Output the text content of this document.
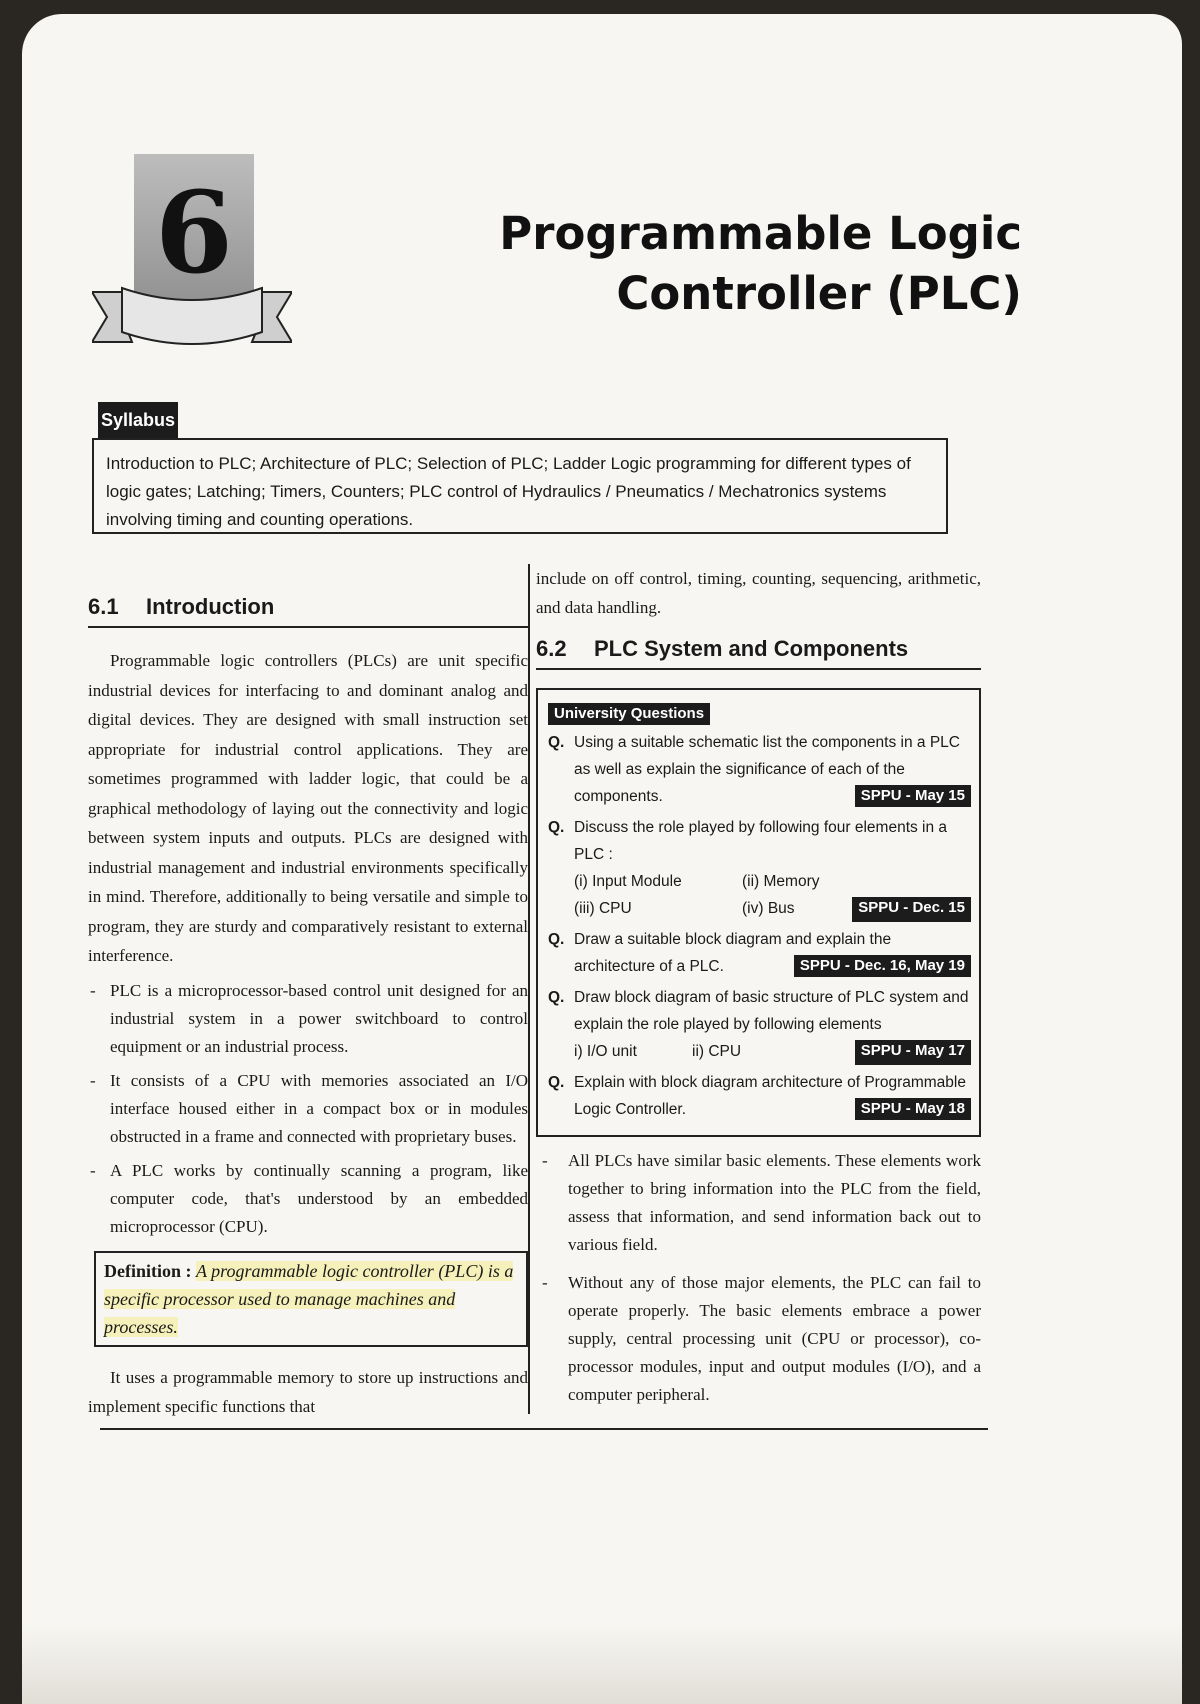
6	Programmable Logic
Controller (PLC)
Syllabus
Introduction to PLC; Architecture of PLC; Selection of PLC; Ladder Logic programming for different types of logic gates; Latching; Timers, Counters; PLC control of Hydraulics / Pneumatics / Mechatronics systems involving timing and counting operations.
6.1 Introduction

Programmable logic controllers (PLCs) are unit specific industrial devices for interfacing to and dominant analog and digital devices. They are designed with small instruction set appropriate for industrial control applications. They are sometimes programmed with ladder logic, that could be a graphical methodology of laying out the connectivity and logic between system inputs and outputs. PLCs are designed with industrial management and industrial environments specifically in mind. Therefore, additionally to being versatile and simple to program, they are sturdy and comparatively resistant to external interference.

- PLC is a microprocessor-based control unit designed for an industrial system in a power switchboard to control equipment or an industrial process.
- It consists of a CPU with memories associated an I/O interface housed either in a compact box or in modules obstructed in a frame and connected with proprietary buses.
- A PLC works by continually scanning a program, like computer code, that's understood by an embedded microprocessor (CPU).
Definition : A programmable logic controller (PLC) is a specific processor used to manage machines and processes.

It uses a programmable memory to store up instructions and implement specific functions that

include on off control, timing, counting, sequencing, arithmetic, and data handling.

6.2 PLC System and Components
University Questions
Q. Using a suitable schematic list the components in a PLC as well as explain the significance of each of the components.	SPPU - May 15
Q. Discuss the role played by following four elements in a PLC :
(i) Input Module	(ii) Memory
(iii) CPU	(iv) Bus	SPPU - Dec. 15
Q. Draw a suitable block diagram and explain the architecture of a PLC.	SPPU - Dec. 16, May 19
Q. Draw block diagram of basic structure of PLC system and explain the role played by following elements
i) I/O unit	ii) CPU	SPPU - May 17
Q. Explain with block diagram architecture of Programmable Logic Controller.	SPPU - May 18
- All PLCs have similar basic elements. These elements work together to bring information into the PLC from the field, assess that information, and send information back out to various field.
- Without any of those major elements, the PLC can fail to operate properly. The basic elements embrace a power supply, central processing unit (CPU or processor), co-processor modules, input and output modules (I/O), and a computer peripheral.
